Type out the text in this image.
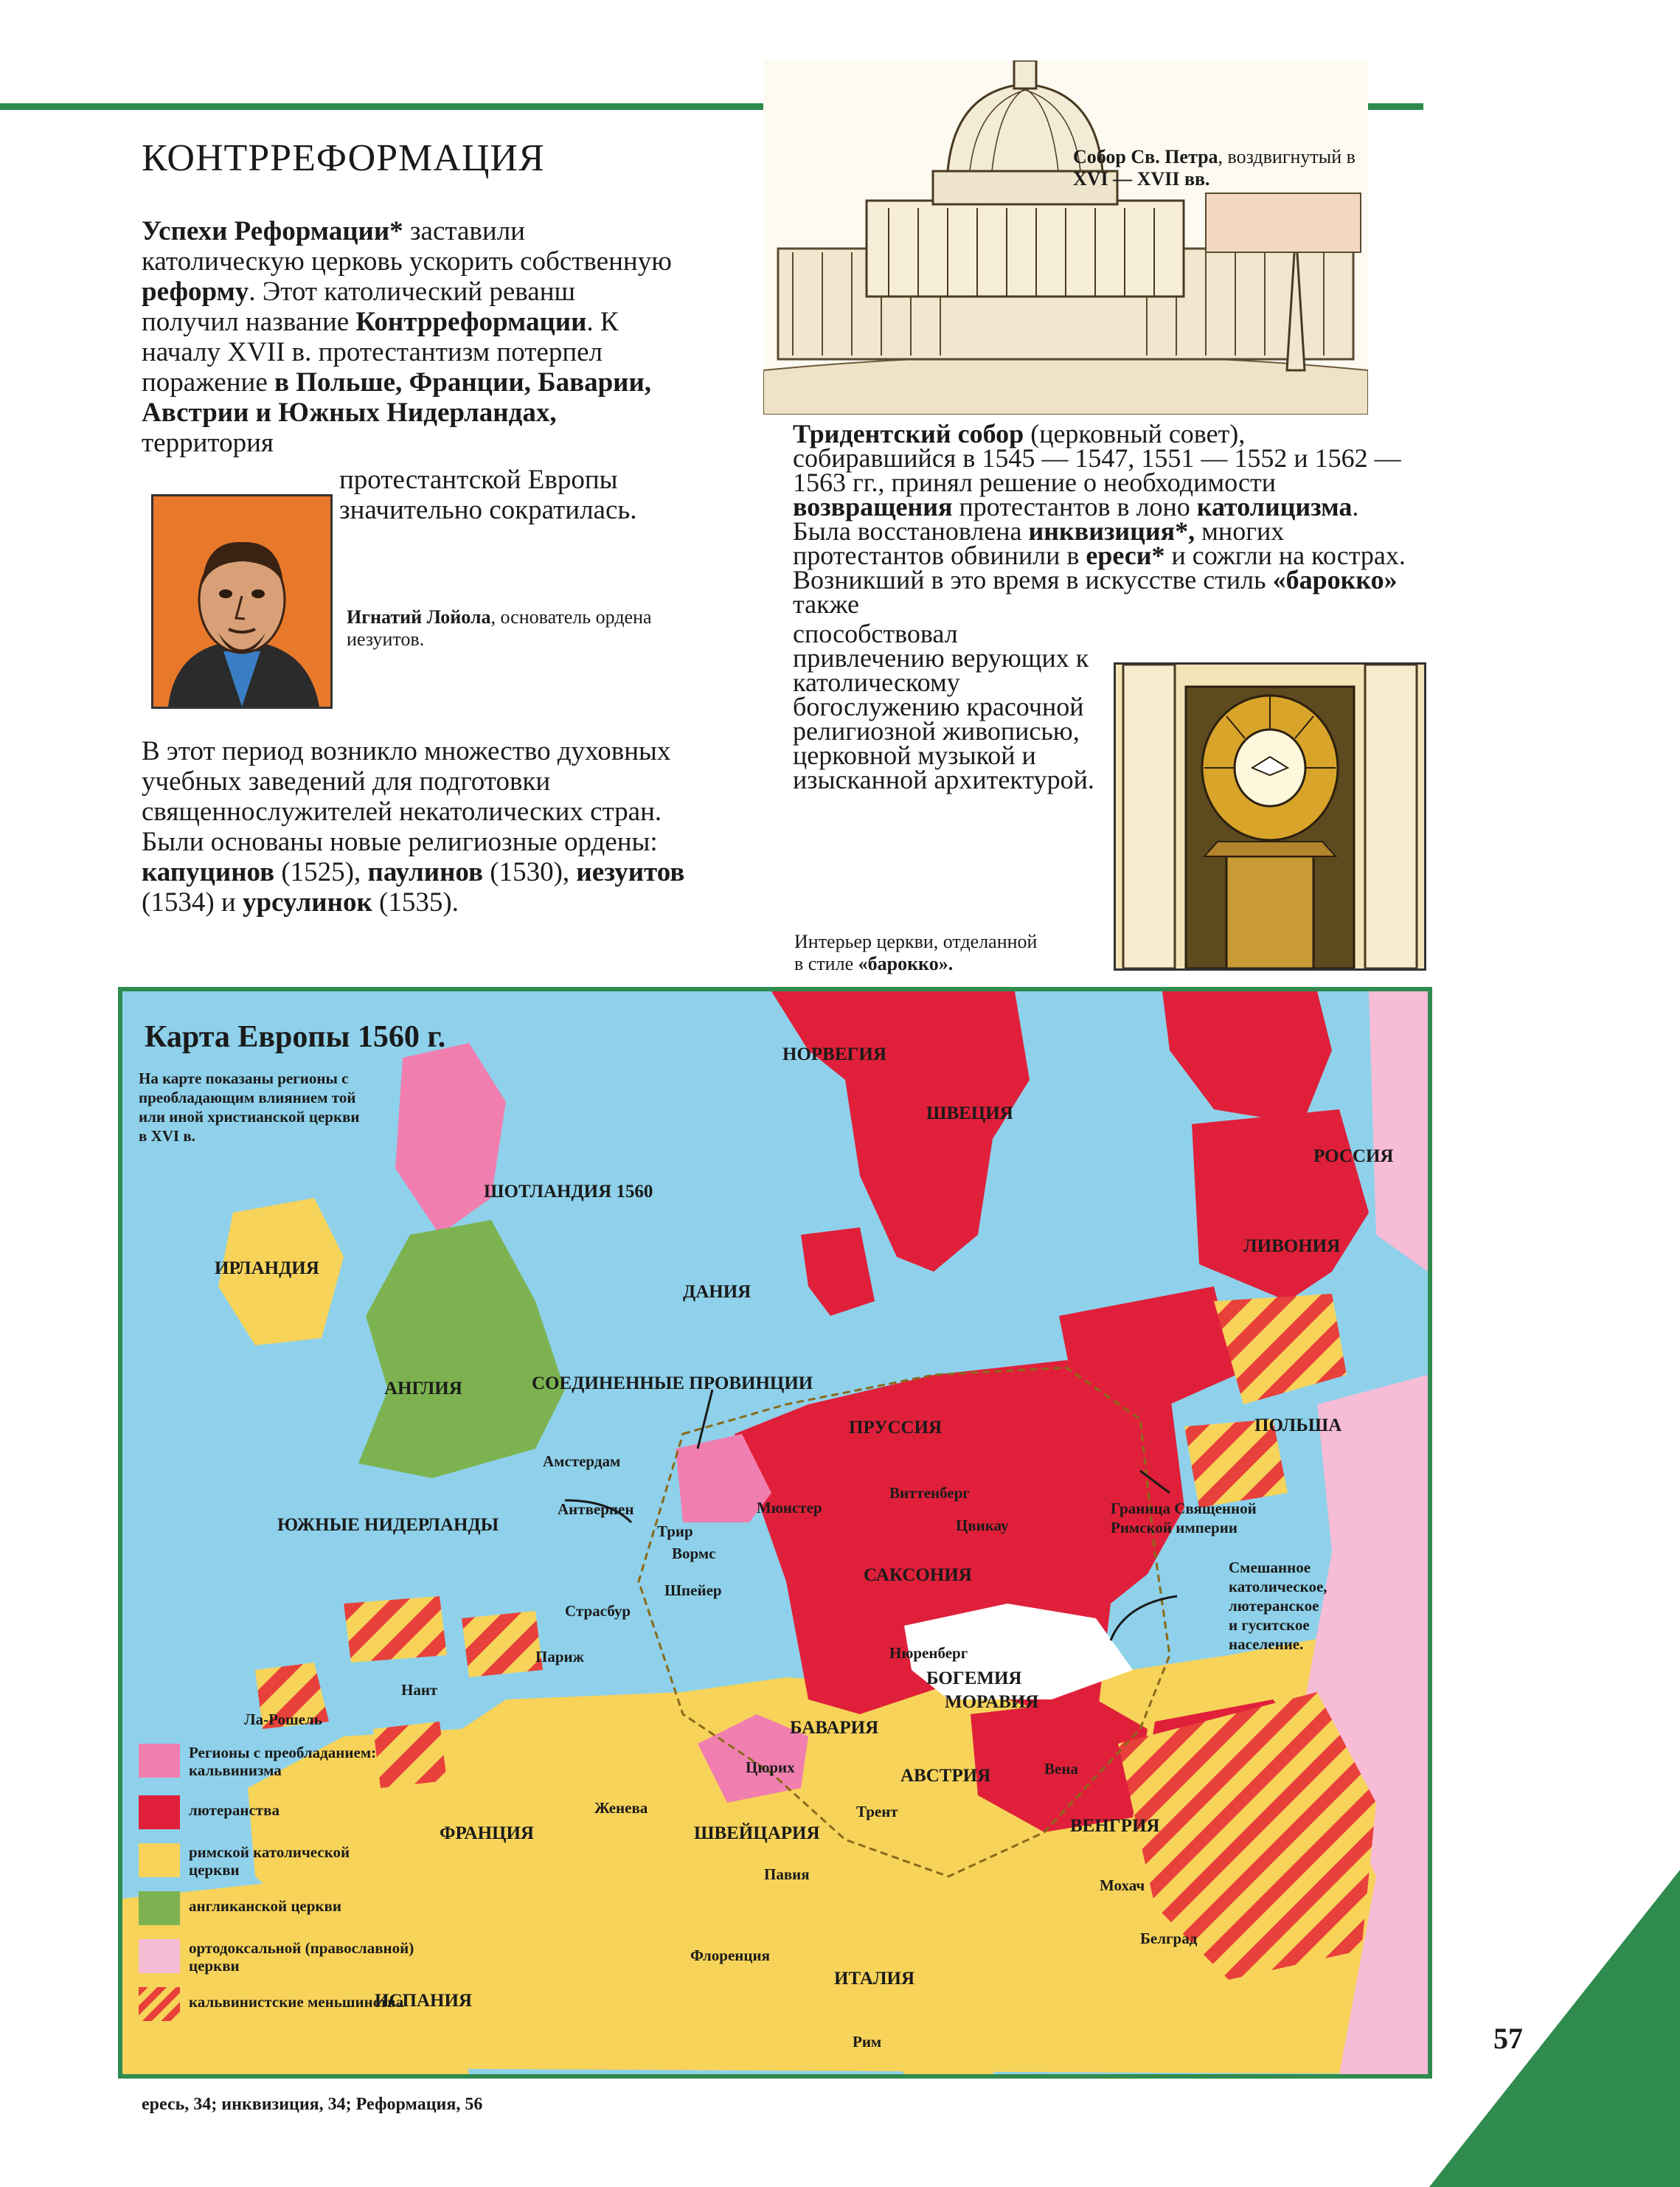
КОНТРРЕФОРМАЦИЯ

Успехи Реформации* заставили католическую церковь ускорить собственную реформу. Этот католический реванш получил название Контрреформации. К началу XVII в. протестантизм потерпел поражение в Польше, Франции, Баварии, Австрии и Южных Нидерландах, территория

протестантской Европы значительно сократилась.

Игнатий Лойола, основатель ордена иезуитов.

В этот период возникло множество духовных учебных заведений для подготовки священнослужителей некатолических стран. Были основаны новые религиозные ордены: капуцинов (1525), паулинов (1530), иезуитов (1534) и урсулинок (1535).

Собор Св. Петра, воздвигнутый в
XVI — XVII вв.

Тридентский собор (церковный совет), собиравшийся в 1545 — 1547, 1551 — 1552 и 1562 — 1563 гг., принял решение о необходимости возвращения протестантов в лоно католицизма. Была восстановлена инквизиция*, многих протестантов обвинили в ереси* и сожгли на кострах. Возникший в это время в искусстве стиль «барокко» также

способствовал привлечению верующих к католическому богослужению красочной религиозной живописью, церковной музыкой и изысканной архитектурой.

Интерьер церкви, отделанной
в стиле «барокко».

Карта Европы 1560 г.

На карте показаны регионы с преобладающим влиянием той или иной христианской церкви в XVI в.

НОРВЕГИЯ
ШВЕЦИЯ
РОССИЯ
ЛИВОНИЯ
ШОТЛАНДИЯ 1560
ИРЛАНДИЯ
ДАНИЯ
АНГЛИЯ	СОЕДИНЕННЫЕ ПРОВИНЦИИ
ПРУССИЯ	ПОЛЬША
ЮЖНЫЕ НИДЕРЛАНДЫ
САКСОНИЯ
БОГЕМИЯ
МОРАВИЯ
БАВАРИЯ
АВСТРИЯ
ФРАНЦИЯ	ШВЕЙЦАРИЯ	ВЕНГРИЯ
ИТАЛИЯ
ИСПАНИЯ
Граница Священной
Римской империи
Смешанное
католическое,
лютеранское
и гуситское
население.
Амстердам
Антверпен	Мюнстер
Виттенберг
Цвикау
Трир
Вормс
Шпейер
Страсбур
Париж
Нант
Ла-Рошель
Нюренберг
Цюрих
Женева	Трент
Вена
Павия
Мохач
Белград
Флоренция
Рим
Регионы с преобладанием:
кальвинизма
лютеранства
римской католической
церкви
англиканской церкви
ортодоксальной (православной)
церкви
кальвинистские меньшинства
ересь, 34; инквизиция, 34; Реформация, 56
57
